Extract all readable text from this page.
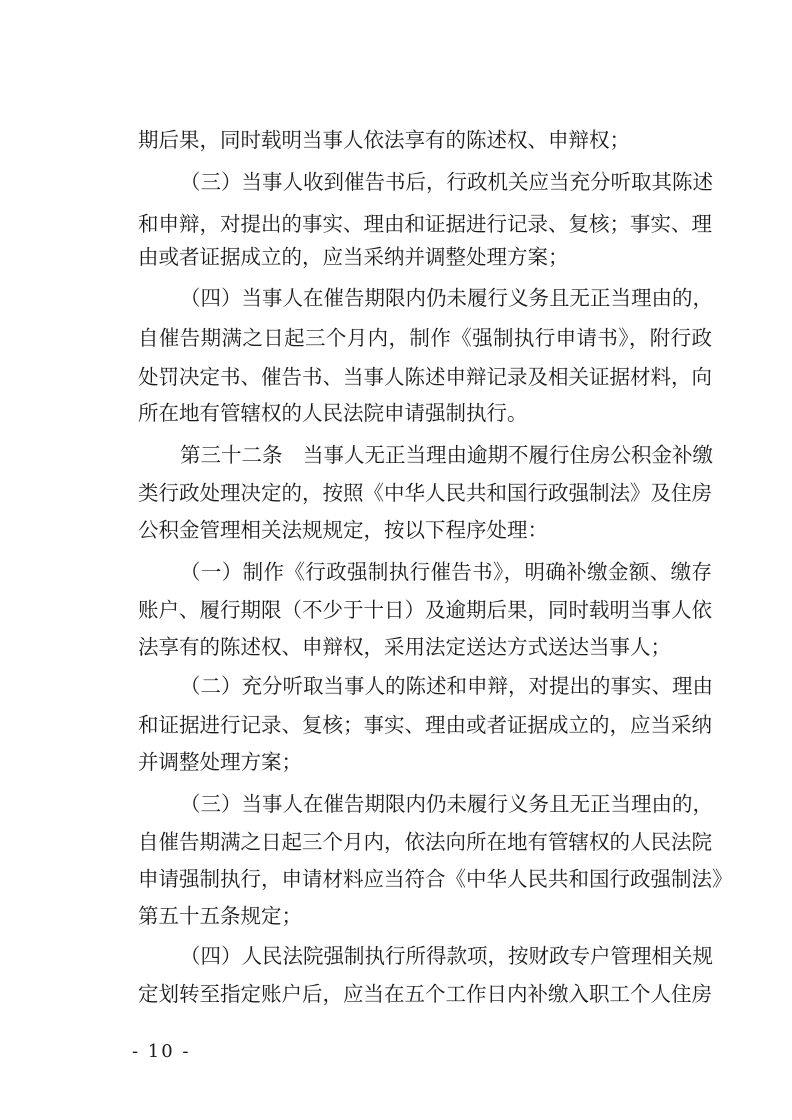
期后果，同时载明当事人依法享有的陈述权、申辩权；
（三）当事人收到催告书后，行政机关应当充分听取其陈述
和申辩，对提出的事实、理由和证据进行记录、复核；事实、理
由或者证据成立的，应当采纳并调整处理方案；
（四）当事人在催告期限内仍未履行义务且无正当理由的，
自催告期满之日起三个月内，制作《强制执行申请书》，附行政
处罚决定书、催告书、当事人陈述申辩记录及相关证据材料，向
所在地有管辖权的人民法院申请强制执行。
第三十二条　当事人无正当理由逾期不履行住房公积金补缴
类行政处理决定的，按照《中华人民共和国行政强制法》及住房
公积金管理相关法规规定，按以下程序处理：
（一）制作《行政强制执行催告书》，明确补缴金额、缴存
账户、履行期限（不少于十日）及逾期后果，同时载明当事人依
法享有的陈述权、申辩权，采用法定送达方式送达当事人；
（二）充分听取当事人的陈述和申辩，对提出的事实、理由
和证据进行记录、复核；事实、理由或者证据成立的，应当采纳
并调整处理方案；
（三）当事人在催告期限内仍未履行义务且无正当理由的，
自催告期满之日起三个月内，依法向所在地有管辖权的人民法院
申请强制执行，申请材料应当符合《中华人民共和国行政强制法》
第五十五条规定；
（四）人民法院强制执行所得款项，按财政专户管理相关规
定划转至指定账户后，应当在五个工作日内补缴入职工个人住房
- 10 -
